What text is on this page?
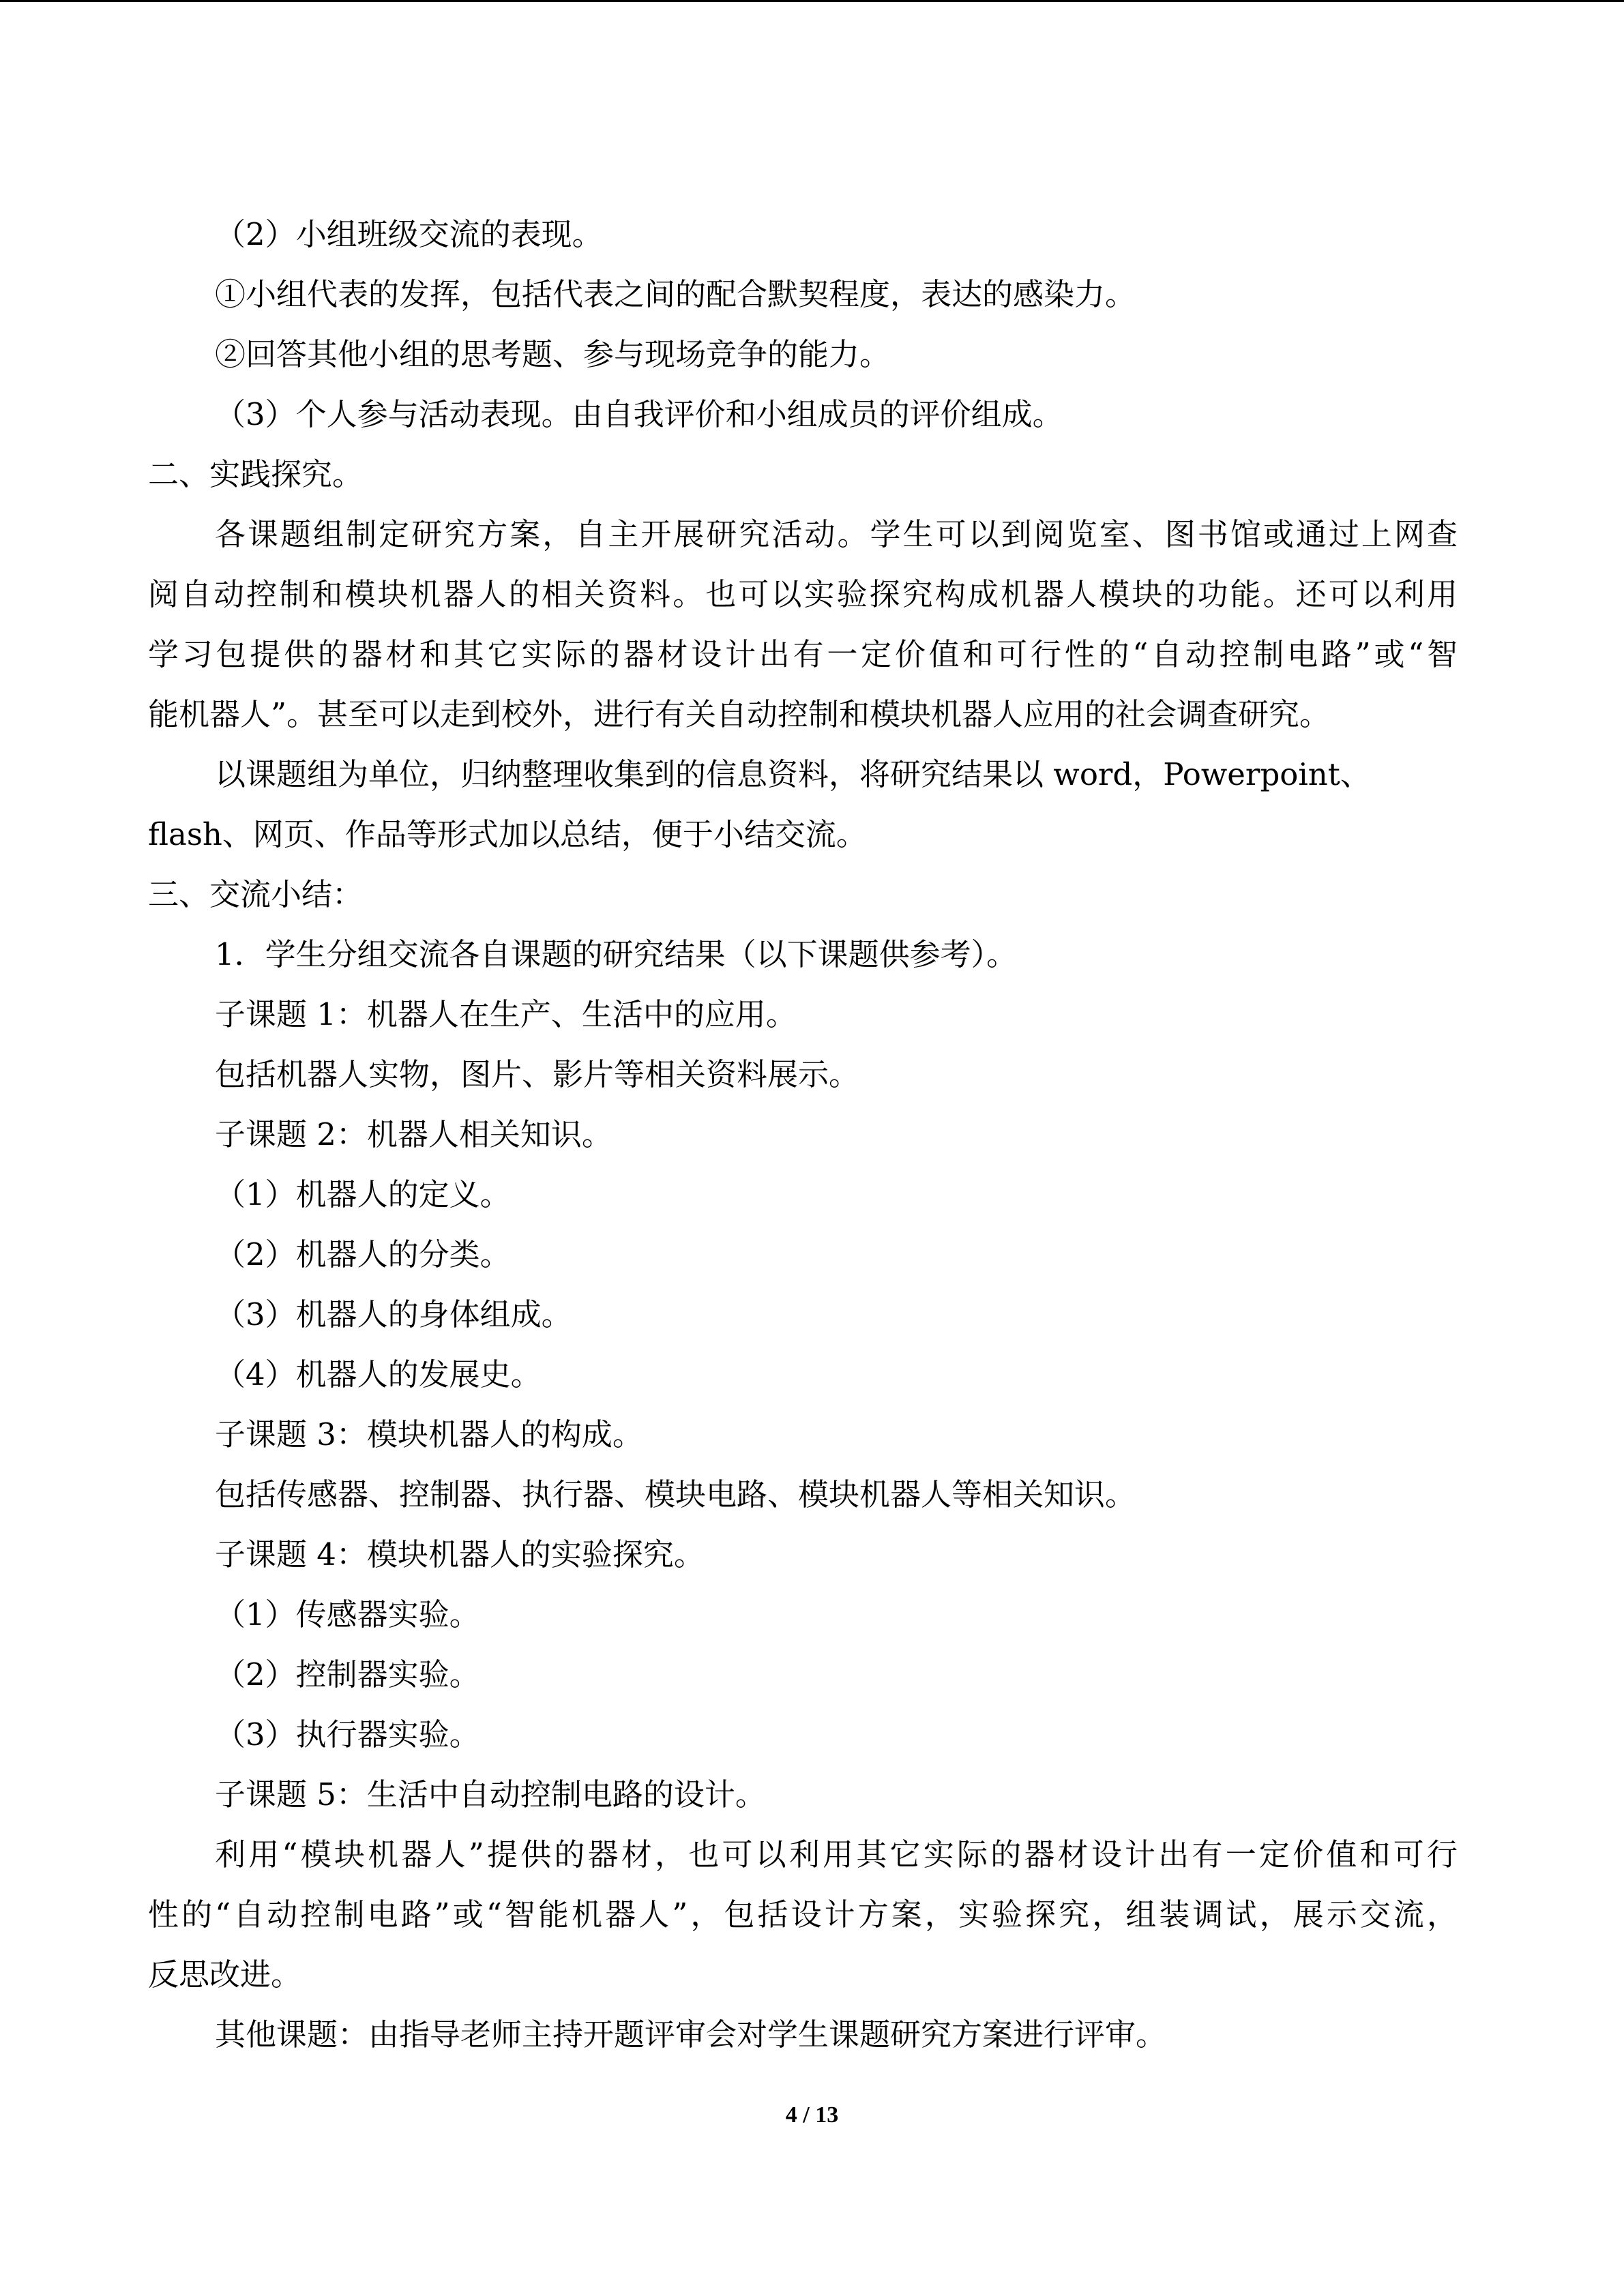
（2）小组班级交流的表现。

①小组代表的发挥，包括代表之间的配合默契程度，表达的感染力。

②回答其他小组的思考题、参与现场竞争的能力。

（3）个人参与活动表现。由自我评价和小组成员的评价组成。

二、实践探究。

各课题组制定研究方案，自主开展研究活动。学生可以到阅览室、图书馆或通过上网查

阅自动控制和模块机器人的相关资料。也可以实验探究构成机器人模块的功能。还可以利用

学习包提供的器材和其它实际的器材设计出有一定价值和可行性的“自动控制电路”或“智

能机器人”。甚至可以走到校外，进行有关自动控制和模块机器人应用的社会调查研究。

以课题组为单位，归纳整理收集到的信息资料，将研究结果以 word，Powerpoint、

flash、网页、作品等形式加以总结，便于小结交流。

三、交流小结：

1．学生分组交流各自课题的研究结果（以下课题供参考）。

子课题 1：机器人在生产、生活中的应用。

包括机器人实物，图片、影片等相关资料展示。

子课题 2：机器人相关知识。

（1）机器人的定义。

（2）机器人的分类。

（3）机器人的身体组成。

（4）机器人的发展史。

子课题 3：模块机器人的构成。

包括传感器、控制器、执行器、模块电路、模块机器人等相关知识。

子课题 4：模块机器人的实验探究。

（1）传感器实验。

（2）控制器实验。

（3）执行器实验。

子课题 5：生活中自动控制电路的设计。

利用“模块机器人”提供的器材，也可以利用其它实际的器材设计出有一定价值和可行

性的“自动控制电路”或“智能机器人”，包括设计方案，实验探究，组装调试，展示交流，

反思改进。

其他课题：由指导老师主持开题评审会对学生课题研究方案进行评审。

4 / 13
